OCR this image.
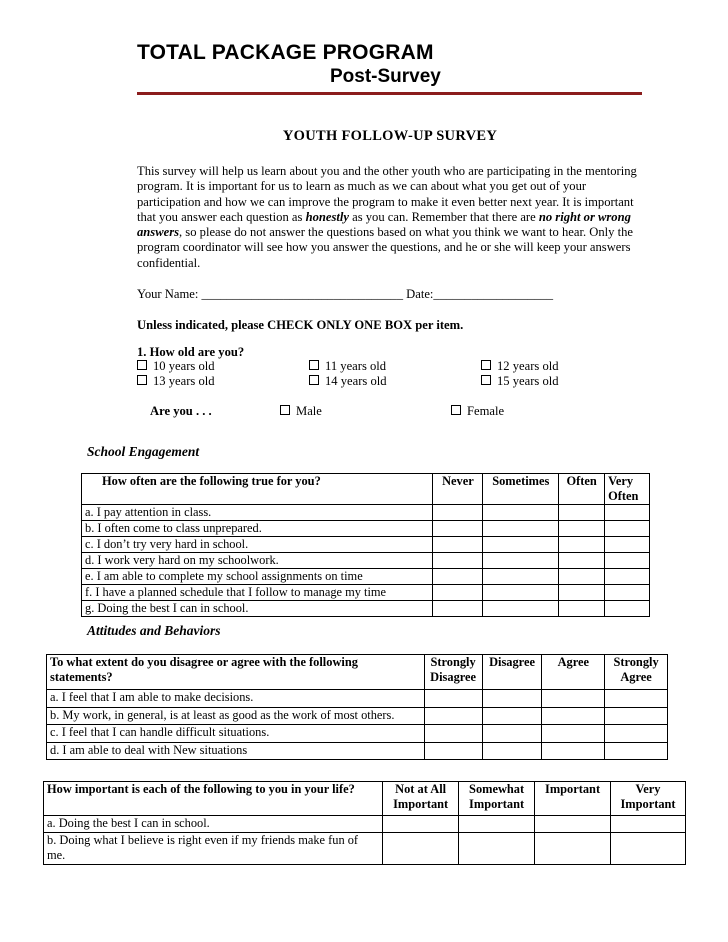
TOTAL PACKAGE PROGRAM
Post-Survey
YOUTH FOLLOW-UP SURVEY
This survey will help us learn about you and the other youth who are participating in the mentoring program. It is important for us to learn as much as we can about what you get out of your participation and how we can improve the program to make it even better next year. It is important that you answer each question as honestly as you can. Remember that there are no right or wrong answers, so please do not answer the questions based on what you think we want to hear. Only the program coordinator will see how you answer the questions, and he or she will keep your answers confidential.
Your Name: ________________________________ Date:___________________
Unless indicated, please CHECK ONLY ONE BOX per item.
1. How old are you?
10 years old	11 years old	12 years old
13 years old	14 years old	15 years old
Are you . . .	Male	Female
School Engagement
How often are the following true for you?	Never	Sometimes	Often	Very Often
a. I pay attention in class.				
b. I often come to class unprepared.				
c. I don’t try very hard in school.				
d. I work very hard on my schoolwork.				
e. I am able to complete my school assignments on time				
f. I have a planned schedule that I follow to manage my time				
g. Doing the best I can in school.				
Attitudes and Behaviors
To what extent do you disagree or agree with the following statements?	Strongly Disagree	Disagree	Agree	Strongly Agree
a. I feel that I am able to make decisions.				
b. My work, in general, is at least as good as the work of most others.				
c. I feel that I can handle difficult situations.				
d. I am able to deal with New situations				
How important is each of the following to you in your life?	Not at All Important	Somewhat Important	Important	Very Important
a. Doing the best I can in school.				
b. Doing what I believe is right even if my friends make fun of me.				
